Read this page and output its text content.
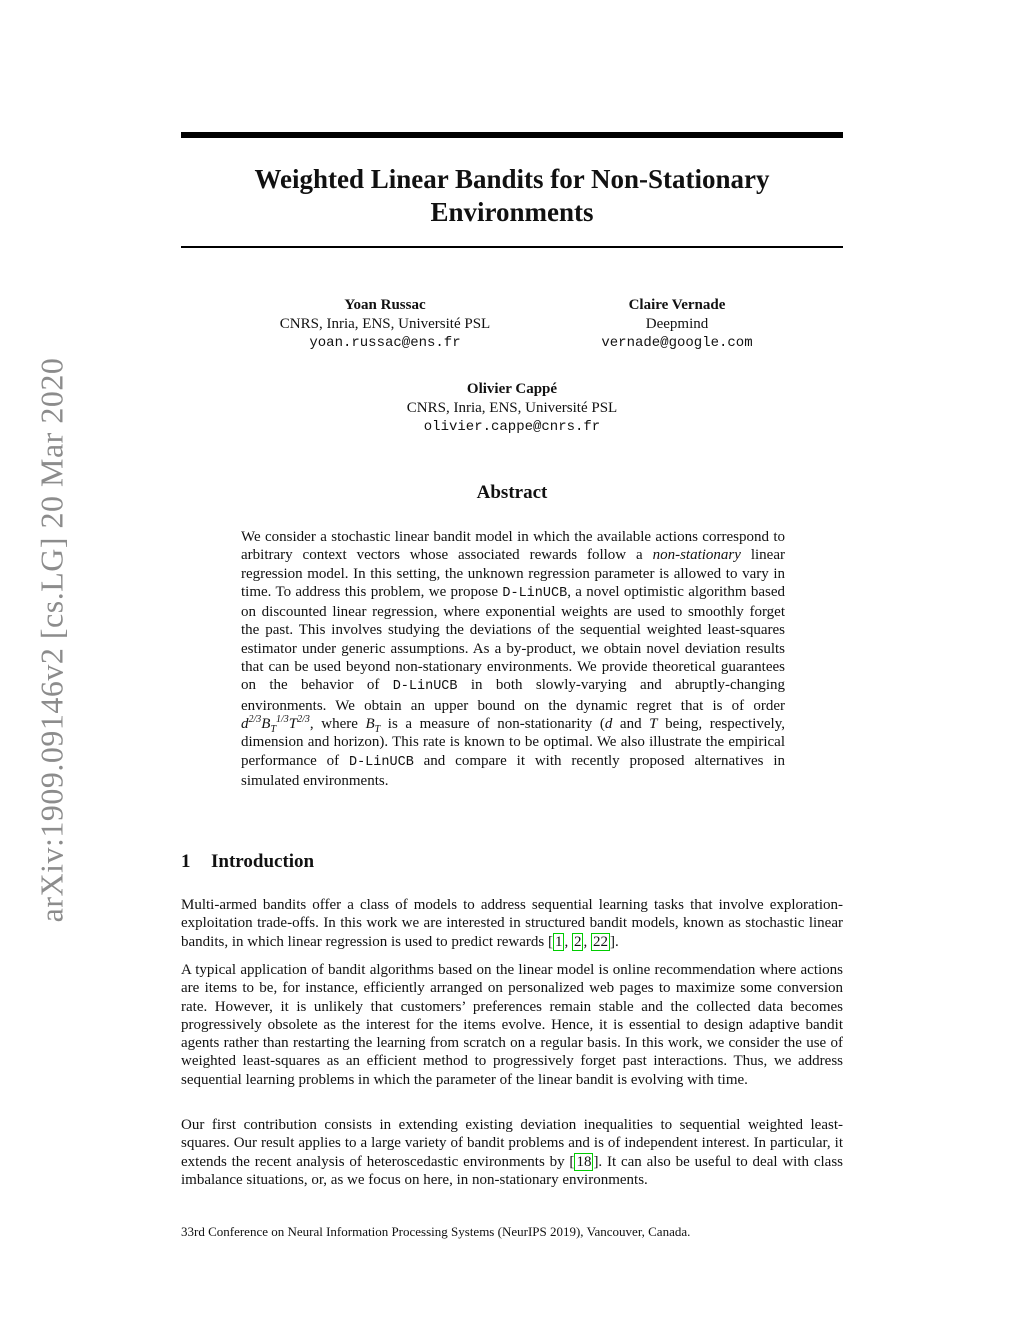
arXiv:1909.09146v2 [cs.LG] 20 Mar 2020
Weighted Linear Bandits for Non-Stationary Environments
Yoan Russac
CNRS, Inria, ENS, Université PSL
yoan.russac@ens.fr
Claire Vernade
Deepmind
vernade@google.com
Olivier Cappé
CNRS, Inria, ENS, Université PSL
olivier.cappe@cnrs.fr
Abstract
We consider a stochastic linear bandit model in which the available actions correspond to arbitrary context vectors whose associated rewards follow a non-stationary linear regression model. In this setting, the unknown regression parameter is allowed to vary in time. To address this problem, we propose D-LinUCB, a novel optimistic algorithm based on discounted linear regression, where exponential weights are used to smoothly forget the past. This involves studying the deviations of the sequential weighted least-squares estimator under generic assumptions. As a by-product, we obtain novel deviation results that can be used beyond non-stationary environments. We provide theoretical guarantees on the behavior of D-LinUCB in both slowly-varying and abruptly-changing environments. We obtain an upper bound on the dynamic regret that is of order $d^{2/3}B_T^{1/3}T^{2/3}$, where $B_T$ is a measure of non-stationarity (d and T being, respectively, dimension and horizon). This rate is known to be optimal. We also illustrate the empirical performance of D-LinUCB and compare it with recently proposed alternatives in simulated environments.
1 Introduction
Multi-armed bandits offer a class of models to address sequential learning tasks that involve exploration-exploitation trade-offs. In this work we are interested in structured bandit models, known as stochastic linear bandits, in which linear regression is used to predict rewards [ 1 , 2 , 22 ].
A typical application of bandit algorithms based on the linear model is online recommendation where actions are items to be, for instance, efficiently arranged on personalized web pages to maximize some conversion rate. However, it is unlikely that customers’ preferences remain stable and the collected data becomes progressively obsolete as the interest for the items evolve. Hence, it is essential to design adaptive bandit agents rather than restarting the learning from scratch on a regular basis. In this work, we consider the use of weighted least-squares as an efficient method to progressively forget past interactions. Thus, we address sequential learning problems in which the parameter of the linear bandit is evolving with time.
Our first contribution consists in extending existing deviation inequalities to sequential weighted least-squares. Our result applies to a large variety of bandit problems and is of independent interest. In particular, it extends the recent analysis of heteroscedastic environments by [ 18 ]. It can also be useful to deal with class imbalance situations, or, as we focus on here, in non-stationary environments.
33rd Conference on Neural Information Processing Systems (NeurIPS 2019), Vancouver, Canada.
